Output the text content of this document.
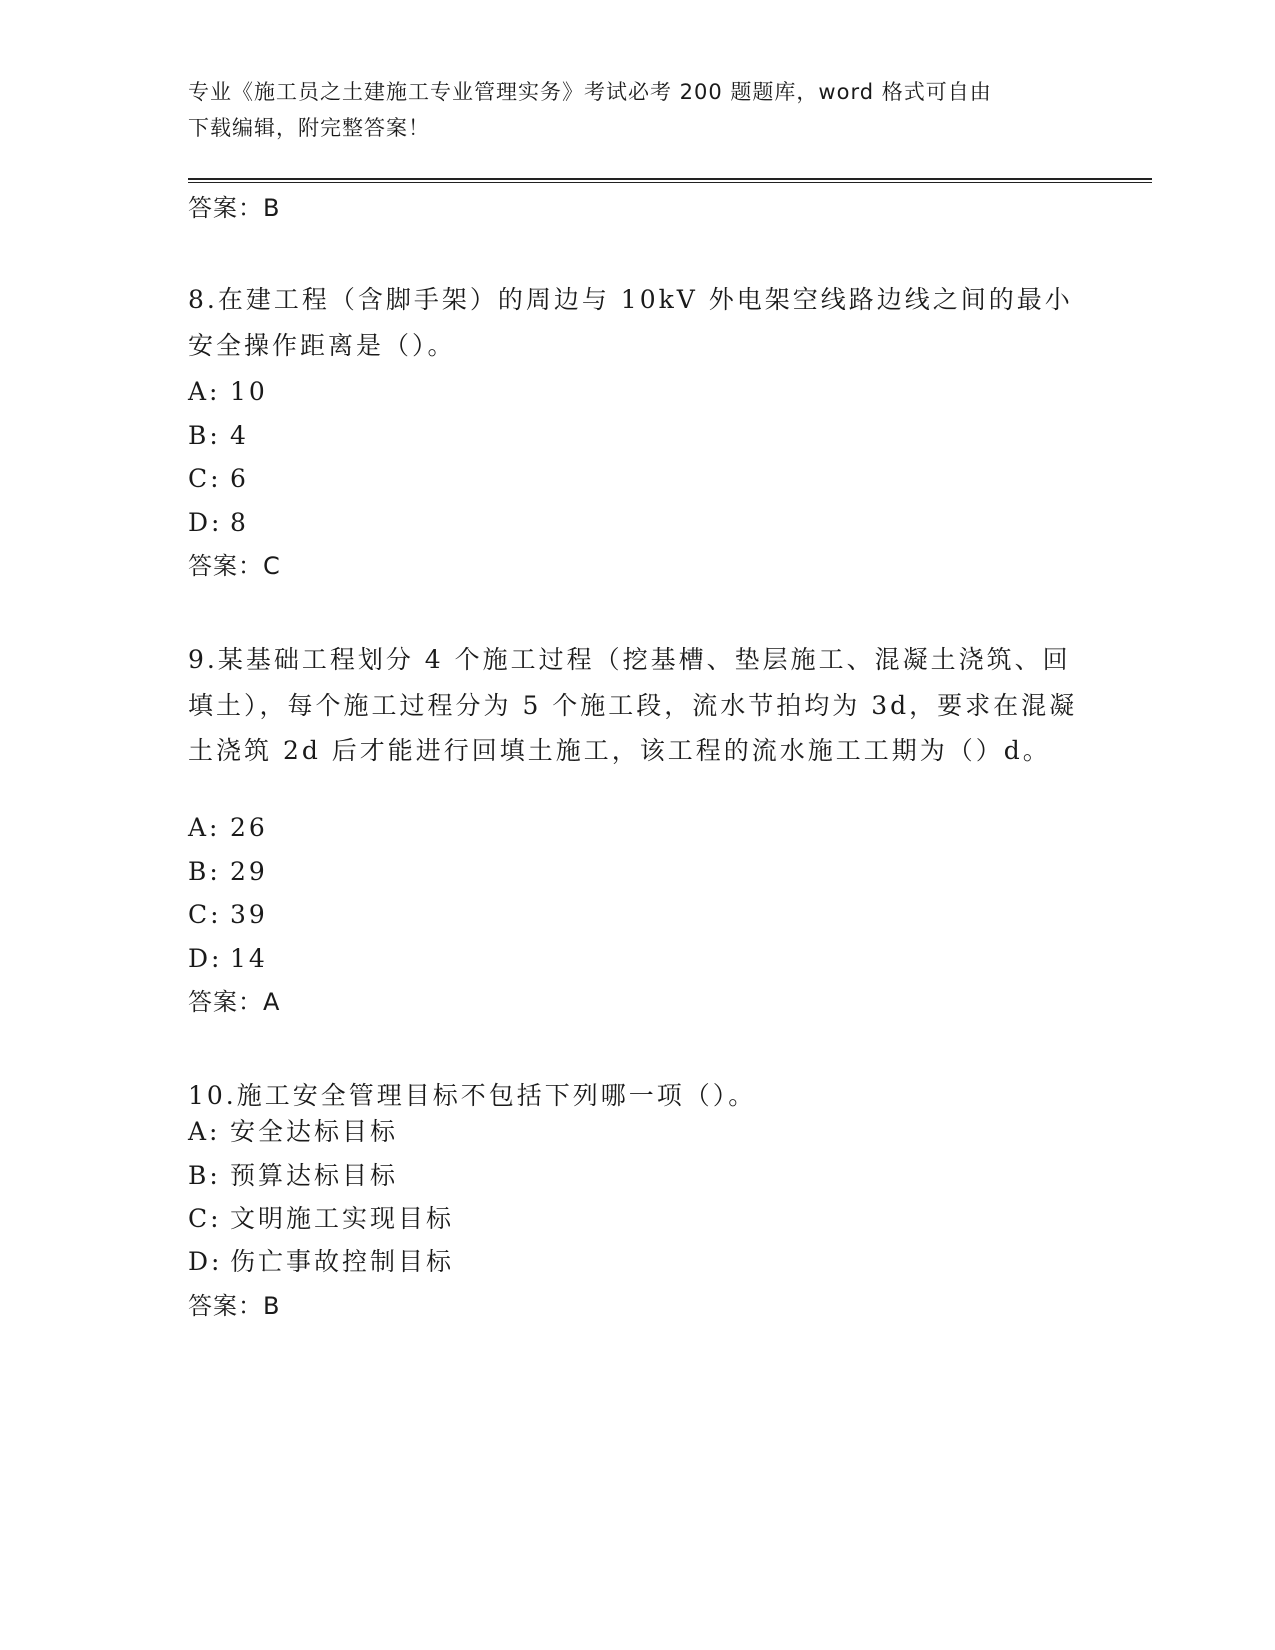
专业《施工员之土建施工专业管理实务》考试必考 200 题题库，word 格式可自由
下载编辑，附完整答案！
答案：B
8.在建工程（含脚手架）的周边与 10kV 外电架空线路边线之间的最小安全操作距离是（）。
A: 10
B: 4
C: 6
D: 8
答案：C
9.某基础工程划分 4 个施工过程（挖基槽、垫层施工、混凝土浇筑、回填土），每个施工过程分为 5 个施工段，流水节拍均为 3d，要求在混凝土浇筑 2d 后才能进行回填土施工，该工程的流水施工工期为（）d。
A: 26
B: 29
C: 39
D: 14
答案：A
10.施工安全管理目标不包括下列哪一项（）。
A: 安全达标目标
B: 预算达标目标
C: 文明施工实现目标
D: 伤亡事故控制目标
答案：B
